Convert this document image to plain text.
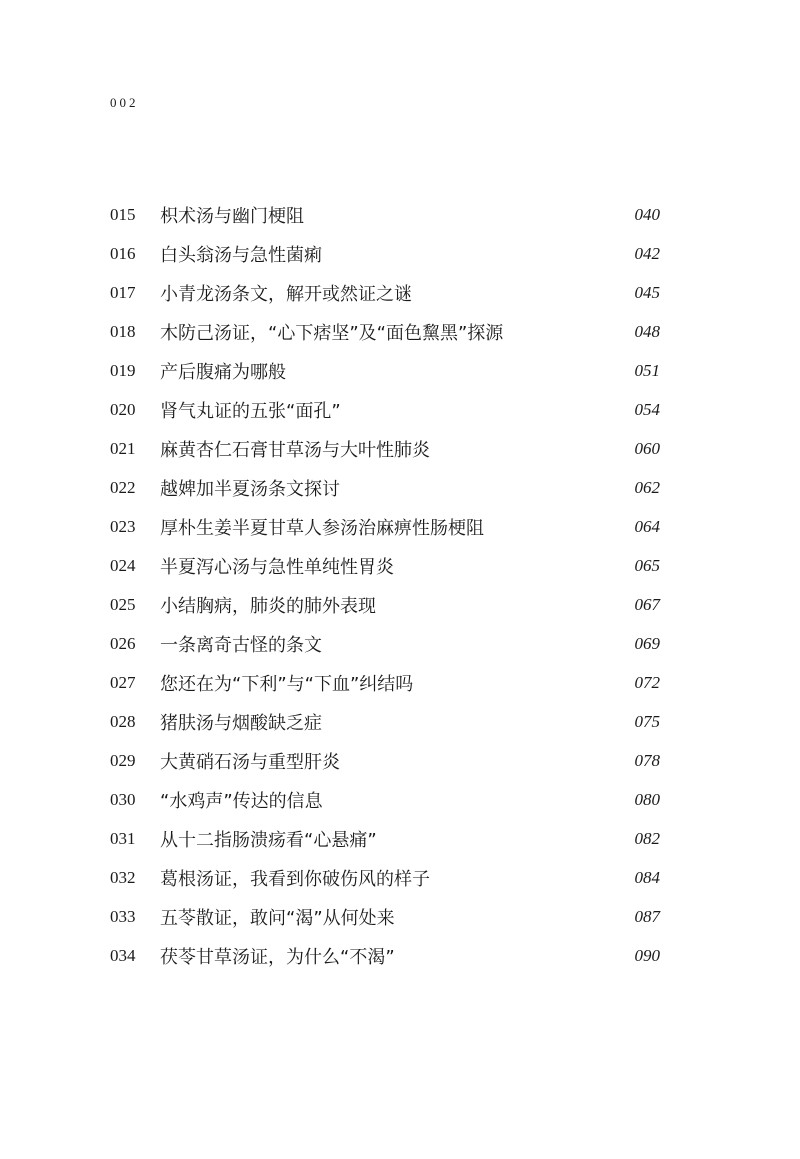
002
015	枳术汤与幽门梗阻	040
016	白头翁汤与急性菌痢	042
017	小青龙汤条文，解开或然证之谜	045
018	木防己汤证，“心下痞坚”及“面色黧黑”探源	048
019	产后腹痛为哪般	051
020	肾气丸证的五张“面孔”	054
021	麻黄杏仁石膏甘草汤与大叶性肺炎	060
022	越婢加半夏汤条文探讨	062
023	厚朴生姜半夏甘草人参汤治麻痹性肠梗阻	064
024	半夏泻心汤与急性单纯性胃炎	065
025	小结胸病，肺炎的肺外表现	067
026	一条离奇古怪的条文	069
027	您还在为“下利”与“下血”纠结吗	072
028	猪肤汤与烟酸缺乏症	075
029	大黄硝石汤与重型肝炎	078
030	“水鸡声”传达的信息	080
031	从十二指肠溃疡看“心悬痛”	082
032	葛根汤证，我看到你破伤风的样子	084
033	五苓散证，敢问“渴”从何处来	087
034	茯苓甘草汤证，为什么“不渴”	090
